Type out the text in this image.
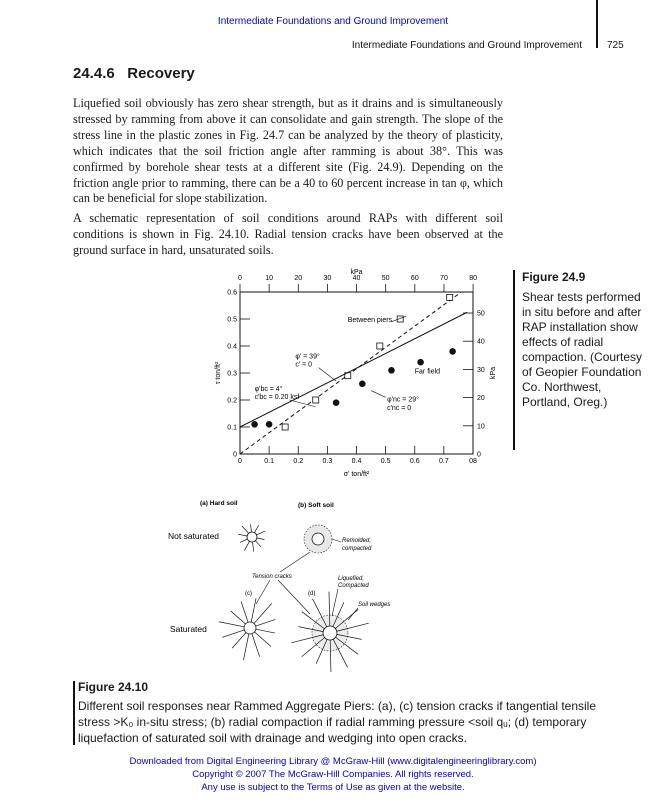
Intermediate Foundations and Ground Improvement
Intermediate Foundations and Ground Improvement	725
24.4.6 Recovery
Liquefied soil obviously has zero shear strength, but as it drains and is simultaneously stressed by ramming from above it can consolidate and gain strength. The slope of the stress line in the plastic zones in Fig. 24.7 can be analyzed by the theory of plasticity, which indicates that the soil friction angle after ramming is about 38°. This was confirmed by borehole shear tests at a different site (Fig. 24.9). Depending on the friction angle prior to ramming, there can be a 40 to 60 percent increase in tan φ, which can be beneficial for slope stabilization.
A schematic representation of soil conditions around RAPs with different soil conditions is shown in Fig. 24.10. Radial tension cracks have been observed at the ground surface in hard, unsaturated soils.
kPa
0	10	20	30	40	50	60	70	80
0	0.1	0.2	0.3	0.4	0.5	0.6	0.7	08
σ' ton/ft²
0
0.1
0.2
0.3
0.4
0.5
0.6
τ ton/ft²
0
10
20
30
40
50
kPa
Between piers
Far field
φ' = 39°
c' = 0
φ'bc = 4°
c'bc = 0.20 ksf	φ'nc = 29°
c'nc = 0
Figure 24.9
Shear tests performed in situ before and after RAP installation show effects of radial compaction. (Courtesy of Geopier Foundation Co. Northwest, Portland, Oreg.)
(a) Hard soil	(b) Soft soil
Not saturated
Saturated
(c)	(d)
Remolded,
compacted
Tension cracks	Liquefied,
Compacted
Soil wedges
Figure 24.10
Different soil responses near Rammed Aggregate Piers: (a), (c) tension cracks if tangential tensile stress >K₀ in-situ stress; (b) radial compaction if radial ramming pressure <soil qᵤ; (d) temporary liquefaction of saturated soil with drainage and wedging into open cracks.
Downloaded from Digital Engineering Library @ McGraw-Hill (www.digitalengineeringlibrary.com)
Copyright © 2007 The McGraw-Hill Companies. All rights reserved.
Any use is subject to the Terms of Use as given at the website.
